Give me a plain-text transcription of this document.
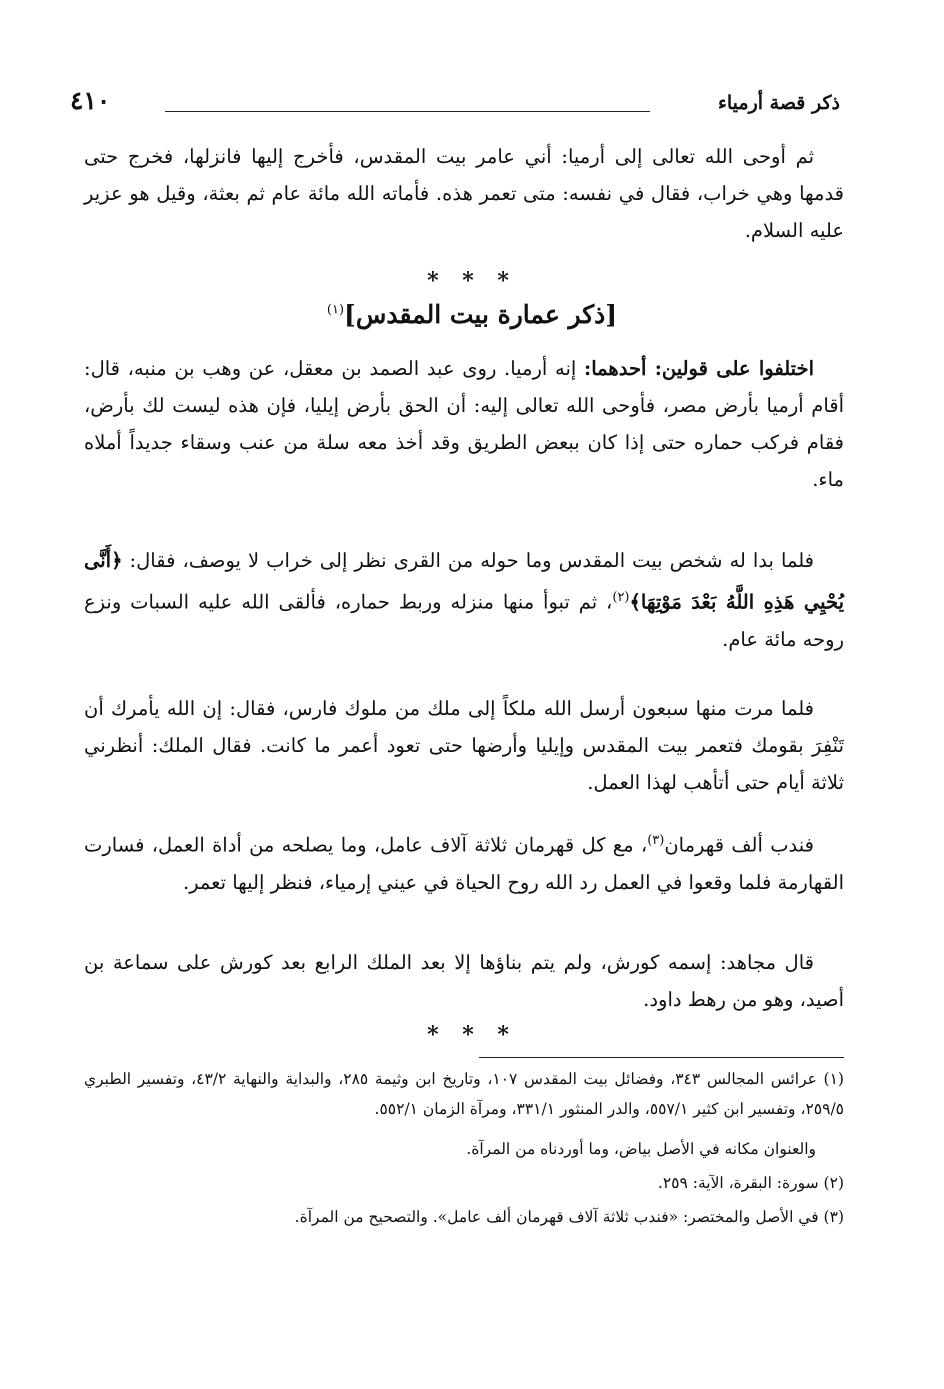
ذكر قصة أرمياء
٤١٠

ثم أوحى الله تعالى إلى أرميا: أني عامر بيت المقدس، فأخرج إليها فانزلها، فخرج حتى قدمها وهي خراب، فقال في نفسه: متى تعمر هذه. فأماته الله مائة عام ثم بعثة، وقيل هو عزير عليه السلام.

* * *
[ذكر عمارة بيت المقدس]$^{(١)}$

اختلفوا على قولين: أحدهما: إنه أرميا. روى عبد الصمد بن معقل، عن وهب بن منبه، قال: أقام أرميا بأرض مصر، فأوحى الله تعالى إليه: أن الحق بأرض إيليا، فإن هذه ليست لك بأرض، فقام فركب حماره حتى إذا كان ببعض الطريق وقد أخذ معه سلة من عنب وسقاء جديداً أملاه ماء.

فلما بدا له شخص بيت المقدس وما حوله من القرى نظر إلى خراب لا يوصف، فقال: ﴿أَنَّى يُحْيِي هَذِهِ اللَّهُ بَعْدَ مَوْتِهَا﴾$^{(٢)}$، ثم تبوأ منها منزله وربط حماره، فألقى الله عليه السبات ونزع روحه مائة عام.

فلما مرت منها سبعون أرسل الله ملكاً إلى ملك من ملوك فارس، فقال: إن الله يأمرك أن تَنْفِرَ بقومك فتعمر بيت المقدس وإيليا وأرضها حتى تعود أعمر ما كانت. فقال الملك: أنظرني ثلاثة أيام حتى أتأهب لهذا العمل.

فندب ألف قهرمان$^{(٣)}$، مع كل قهرمان ثلاثة آلاف عامل، وما يصلحه من أداة العمل، فسارت القهارمة فلما وقعوا في العمل رد الله روح الحياة في عيني إرمياء، فنظر إليها تعمر.

قال مجاهد: إسمه كورش، ولم يتم بناؤها إلا بعد الملك الرابع بعد كورش على سماعة بن أصيد، وهو من رهط داود.

* * *

(١) عرائس المجالس ٣٤٣، وفضائل بيت المقدس ١٠٧، وتاريخ ابن وثيمة ٢٨٥، والبداية والنهاية ٤٣/٢، وتفسير الطبري ٢٥٩/٥، وتفسير ابن كثير ٥٥٧/١، والدر المنثور ٣٣١/١، ومرآة الزمان ٥٥٢/١.

والعنوان مكانه في الأصل بياض، وما أوردناه من المرآة.

(٢) سورة: البقرة، الآية: ٢٥٩.

(٣) في الأصل والمختصر: «فندب ثلاثة آلاف قهرمان ألف عامل». والتصحيح من المرآة.
